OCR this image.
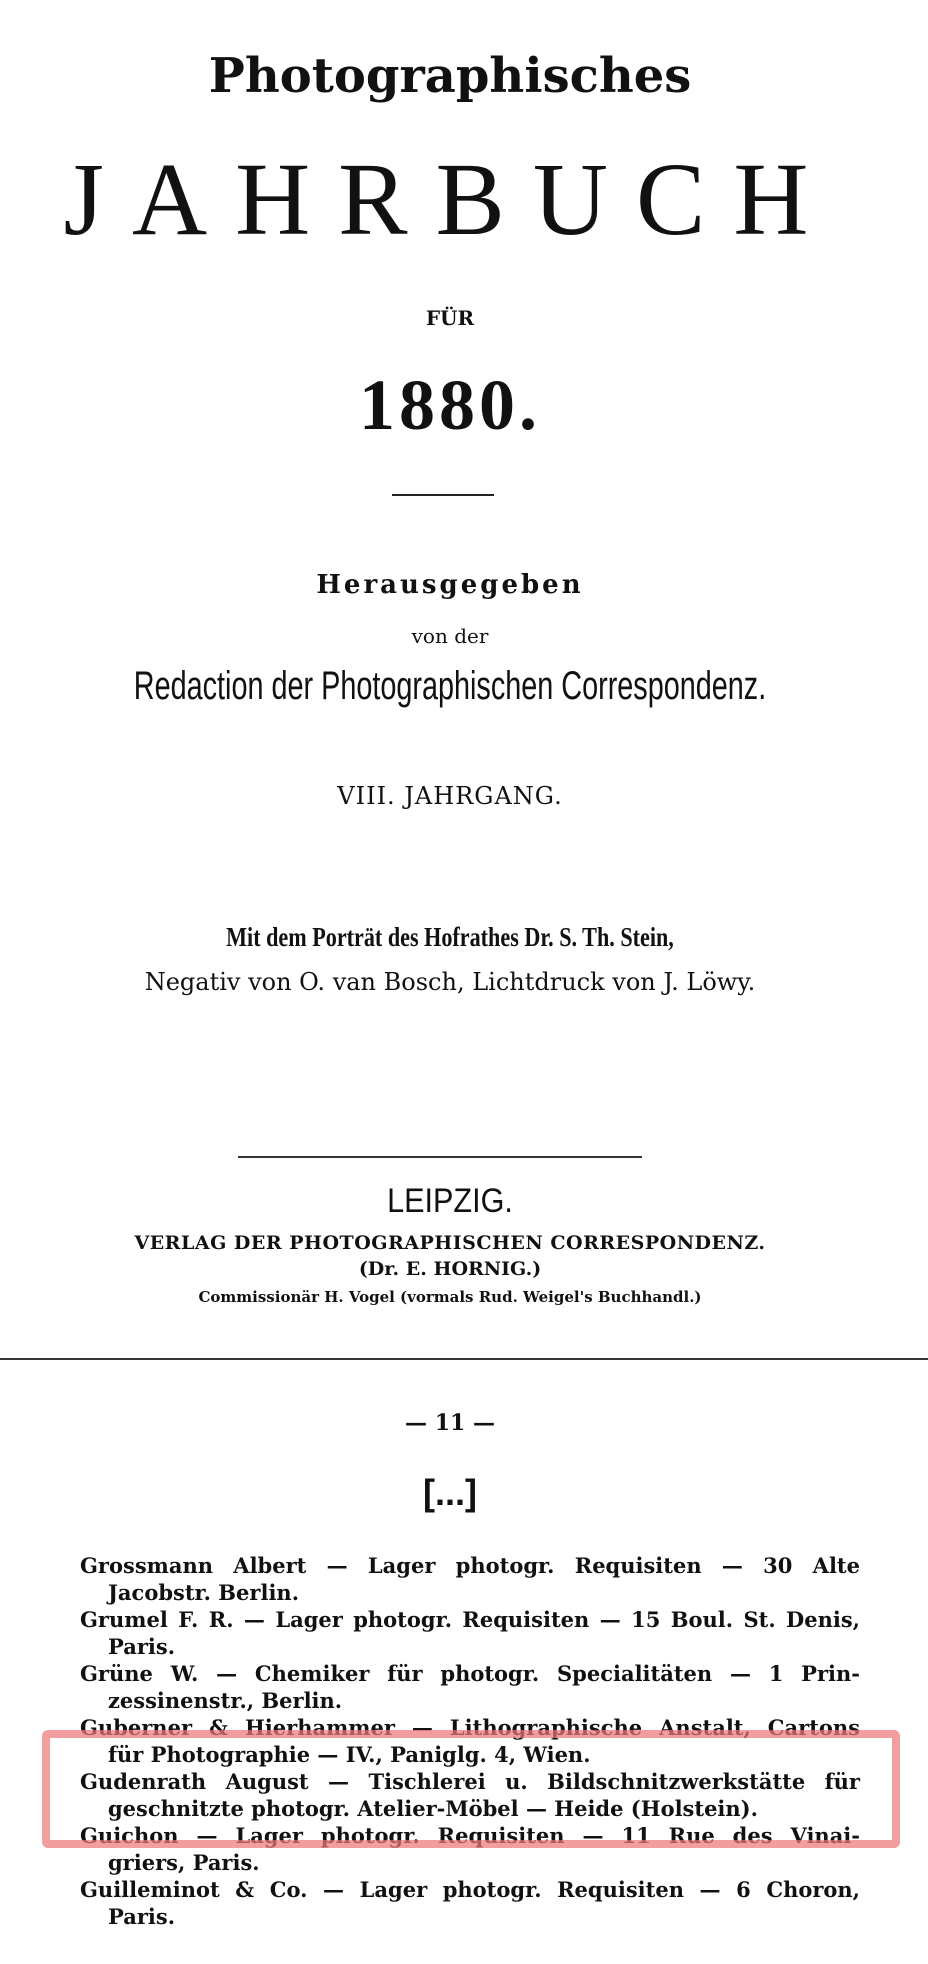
Photographisches
JAHRBUCH
FÜR
1880.
Herausgegeben
von der
Redaction der Photographischen Correspondenz.
VIII. JAHRGANG.
Mit dem Porträt des Hofrathes Dr. S. Th. Stein,
Negativ von O. van Bosch, Lichtdruck von J. Löwy.
LEIPZIG.
VERLAG DER PHOTOGRAPHISCHEN CORRESPONDENZ.
(Dr. E. HORNIG.)
Commissionär H. Vogel (vormals Rud. Weigel's Buchhandl.)
— 11 —
[...]
Grossmann Albert — Lager photogr. Requisiten — 30 Alte
Jacobstr. Berlin.
Grumel F. R. — Lager photogr. Requisiten — 15 Boul. St. Denis,
Paris.
Grüne W. — Chemiker für photogr. Specialitäten — 1 Prin-
zessinenstr., Berlin.
Guberner & Hierhammer — Lithographische Anstalt, Cartons
für Photographie — IV., Paniglg. 4, Wien.
Gudenrath August — Tischlerei u. Bildschnitzwerkstätte für
geschnitzte photogr. Atelier-Möbel — Heide (Holstein).
Guichon — Lager photogr. Requisiten — 11 Rue des Vinai-
griers, Paris.
Guilleminot & Co. — Lager photogr. Requisiten — 6 Choron,
Paris.
